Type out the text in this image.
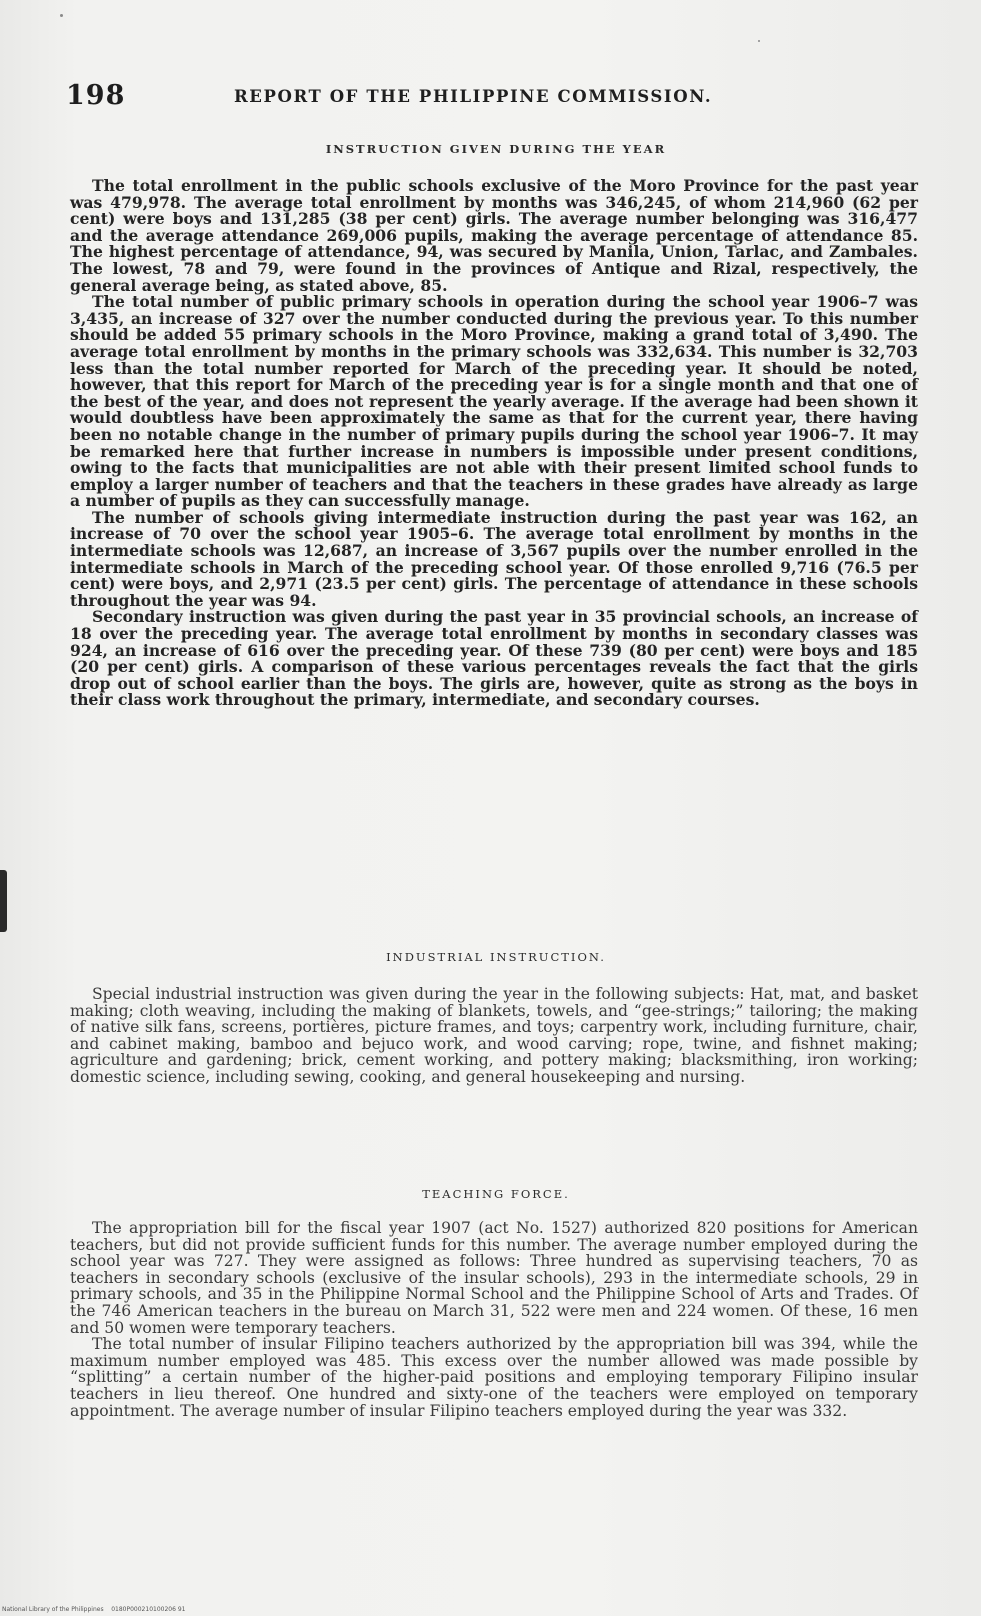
198	REPORT OF THE PHILIPPINE COMMISSION.
INSTRUCTION GIVEN DURING THE YEAR

The total enrollment in the public schools exclusive of the Moro Province for the past year was 479,978. The average total enrollment by months was 346,245, of whom 214,960 (62 per cent) were boys and 131,285 (38 per cent) girls. The average number belonging was 316,477 and the average attendance 269,006 pupils, making the average percentage of attendance 85. The highest percentage of attendance, 94, was secured by Manila, Union, Tarlac, and Zambales. The lowest, 78 and 79, were found in the provinces of Antique and Rizal, respectively, the general average being, as stated above, 85.

The total number of public primary schools in operation during the school year 1906–7 was 3,435, an increase of 327 over the number conducted during the previous year. To this number should be added 55 primary schools in the Moro Province, making a grand total of 3,490. The average total enrollment by months in the primary schools was 332,634. This number is 32,703 less than the total number reported for March of the preceding year. It should be noted, however, that this report for March of the preceding year is for a single month and that one of the best of the year, and does not represent the yearly average. If the average had been shown it would doubtless have been approximately the same as that for the current year, there having been no notable change in the number of primary pupils during the school year 1906–7. It may be remarked here that further increase in numbers is impossible under present conditions, owing to the facts that municipalities are not able with their present limited school funds to employ a larger number of teachers and that the teachers in these grades have already as large a number of pupils as they can successfully manage.

The number of schools giving intermediate instruction during the past year was 162, an increase of 70 over the school year 1905–6. The average total enrollment by months in the intermediate schools was 12,687, an increase of 3,567 pupils over the number enrolled in the intermediate schools in March of the preceding school year. Of those enrolled 9,716 (76.5 per cent) were boys, and 2,971 (23.5 per cent) girls. The percentage of attendance in these schools throughout the year was 94.

Secondary instruction was given during the past year in 35 provincial schools, an increase of 18 over the preceding year. The average total enrollment by months in secondary classes was 924, an increase of 616 over the preceding year. Of these 739 (80 per cent) were boys and 185 (20 per cent) girls. A comparison of these various percentages reveals the fact that the girls drop out of school earlier than the boys. The girls are, however, quite as strong as the boys in their class work throughout the primary, intermediate, and secondary courses.

INDUSTRIAL INSTRUCTION.

Special industrial instruction was given during the year in the following subjects: Hat, mat, and basket making; cloth weaving, including the making of blankets, towels, and “gee-strings;” tailoring; the making of native silk fans, screens, portières, picture frames, and toys; carpentry work, including furniture, chair, and cabinet making, bamboo and bejuco work, and wood carving; rope, twine, and fishnet making; agriculture and gardening; brick, cement working, and pottery making; blacksmithing, iron working; domestic science, including sewing, cooking, and general housekeeping and nursing.

TEACHING FORCE.

The appropriation bill for the fiscal year 1907 (act No. 1527) authorized 820 positions for American teachers, but did not provide sufficient funds for this number. The average number employed during the school year was 727. They were assigned as follows: Three hundred as supervising teachers, 70 as teachers in secondary schools (exclusive of the insular schools), 293 in the intermediate schools, 29 in primary schools, and 35 in the Philippine Normal School and the Philippine School of Arts and Trades. Of the 746 American teachers in the bureau on March 31, 522 were men and 224 women. Of these, 16 men and 50 women were temporary teachers.

The total number of insular Filipino teachers authorized by the appropriation bill was 394, while the maximum number employed was 485. This excess over the number allowed was made possible by “splitting” a certain number of the higher-paid positions and employing temporary Filipino insular teachers in lieu thereof. One hundred and sixty-one of the teachers were employed on temporary appointment. The average number of insular Filipino teachers employed during the year was 332.

National Library of the Philippines 0180P000210100206 91
